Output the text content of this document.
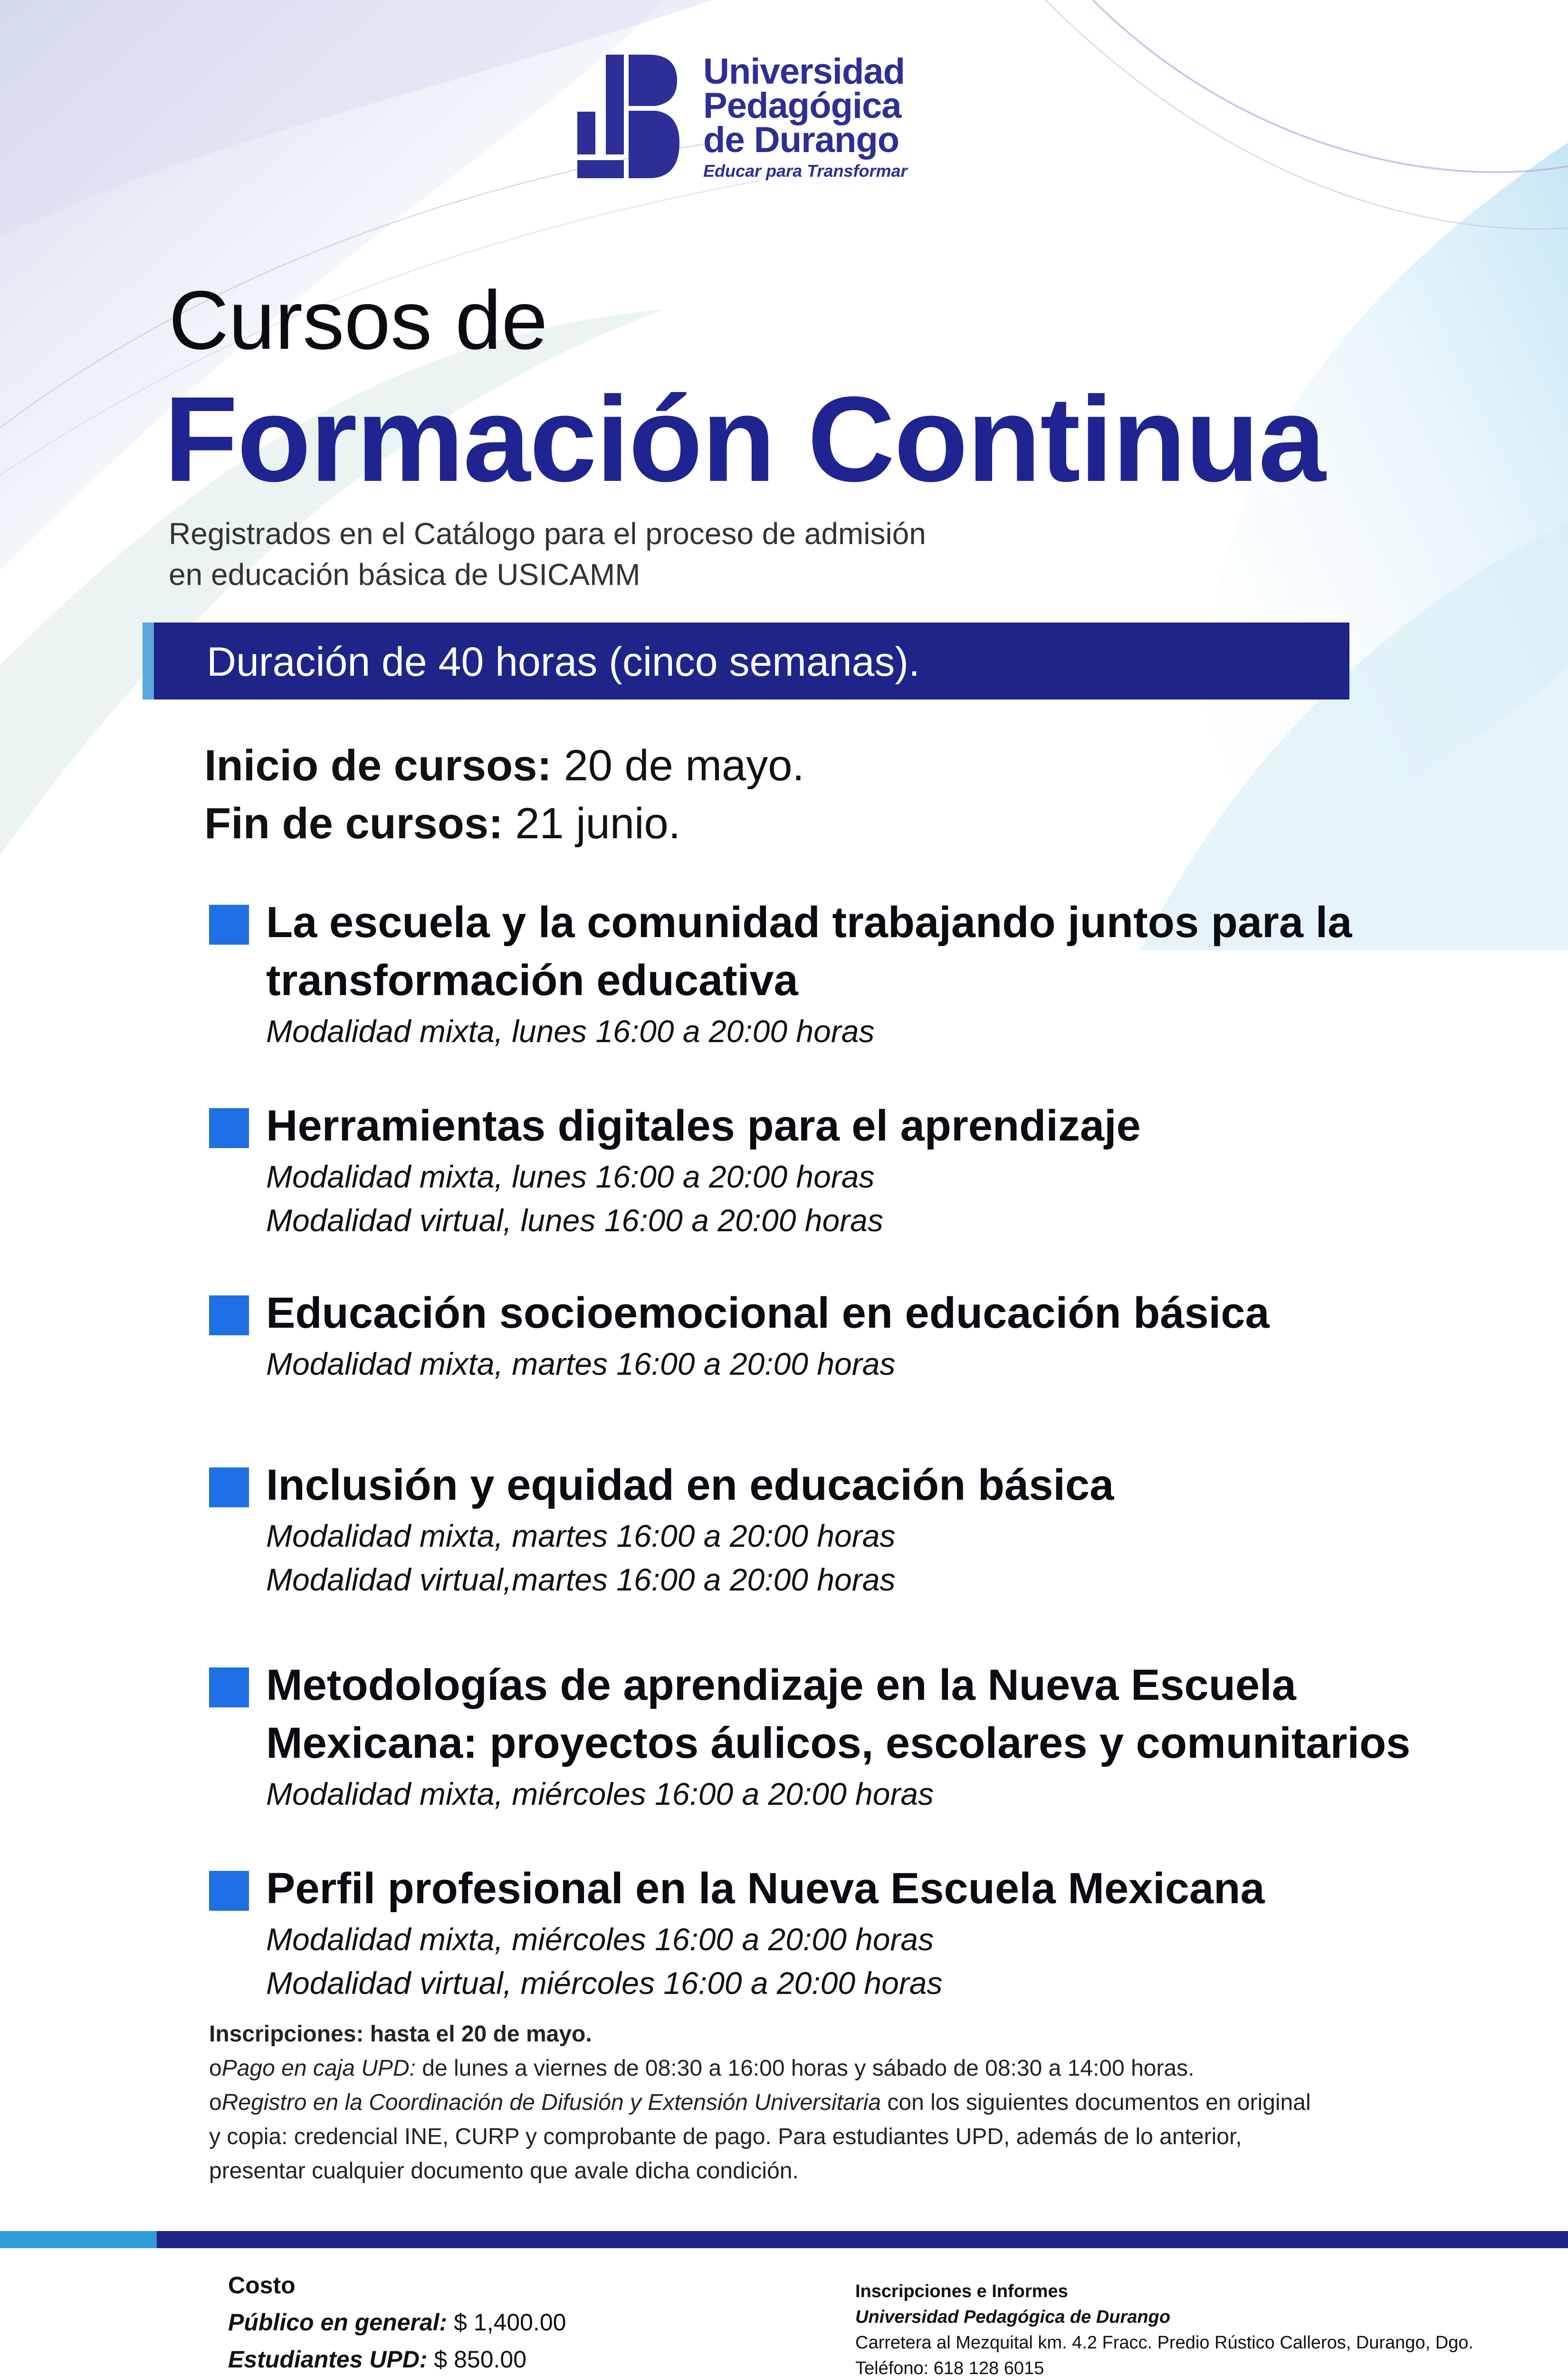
Universidad
Pedagógica
de Durango
Educar para Transformar
Cursos de
Formación Continua
Registrados en el Catálogo para el proceso de admisión
en educación básica de USICAMM
Duración de 40 horas (cinco semanas).
Inicio de cursos: 20 de mayo.
Fin de cursos: 21 junio.
La escuela y la comunidad trabajando juntos para la
transformación educativa
Modalidad mixta, lunes 16:00 a 20:00 horas
Herramientas digitales para el aprendizaje
Modalidad mixta, lunes 16:00 a 20:00 horas
Modalidad virtual, lunes 16:00 a 20:00 horas
Educación socioemocional en educación básica
Modalidad mixta, martes 16:00 a 20:00 horas
Inclusión y equidad en educación básica
Modalidad mixta, martes 16:00 a 20:00 horas
Modalidad virtual,martes 16:00 a 20:00 horas
Metodologías de aprendizaje en la Nueva Escuela
Mexicana: proyectos áulicos, escolares y comunitarios
Modalidad mixta, miércoles 16:00 a 20:00 horas
Perfil profesional en la Nueva Escuela Mexicana
Modalidad mixta, miércoles 16:00 a 20:00 horas
Modalidad virtual, miércoles 16:00 a 20:00 horas
Inscripciones: hasta el 20 de mayo.
oPago en caja UPD: de lunes a viernes de 08:30 a 16:00 horas y sábado de 08:30 a 14:00 horas.
oRegistro en la Coordinación de Difusión y Extensión Universitaria con los siguientes documentos en original
y copia: credencial INE, CURP y comprobante de pago. Para estudiantes UPD, además de lo anterior,
presentar cualquier documento que avale dicha condición.
Costo
Público en general: $ 1,400.00
Estudiantes UPD: $ 850.00
Inscripciones e Informes
Universidad Pedagógica de Durango
Carretera al Mezquital km. 4.2 Fracc. Predio Rústico Calleros, Durango, Dgo.
Teléfono: 618 128 6015
